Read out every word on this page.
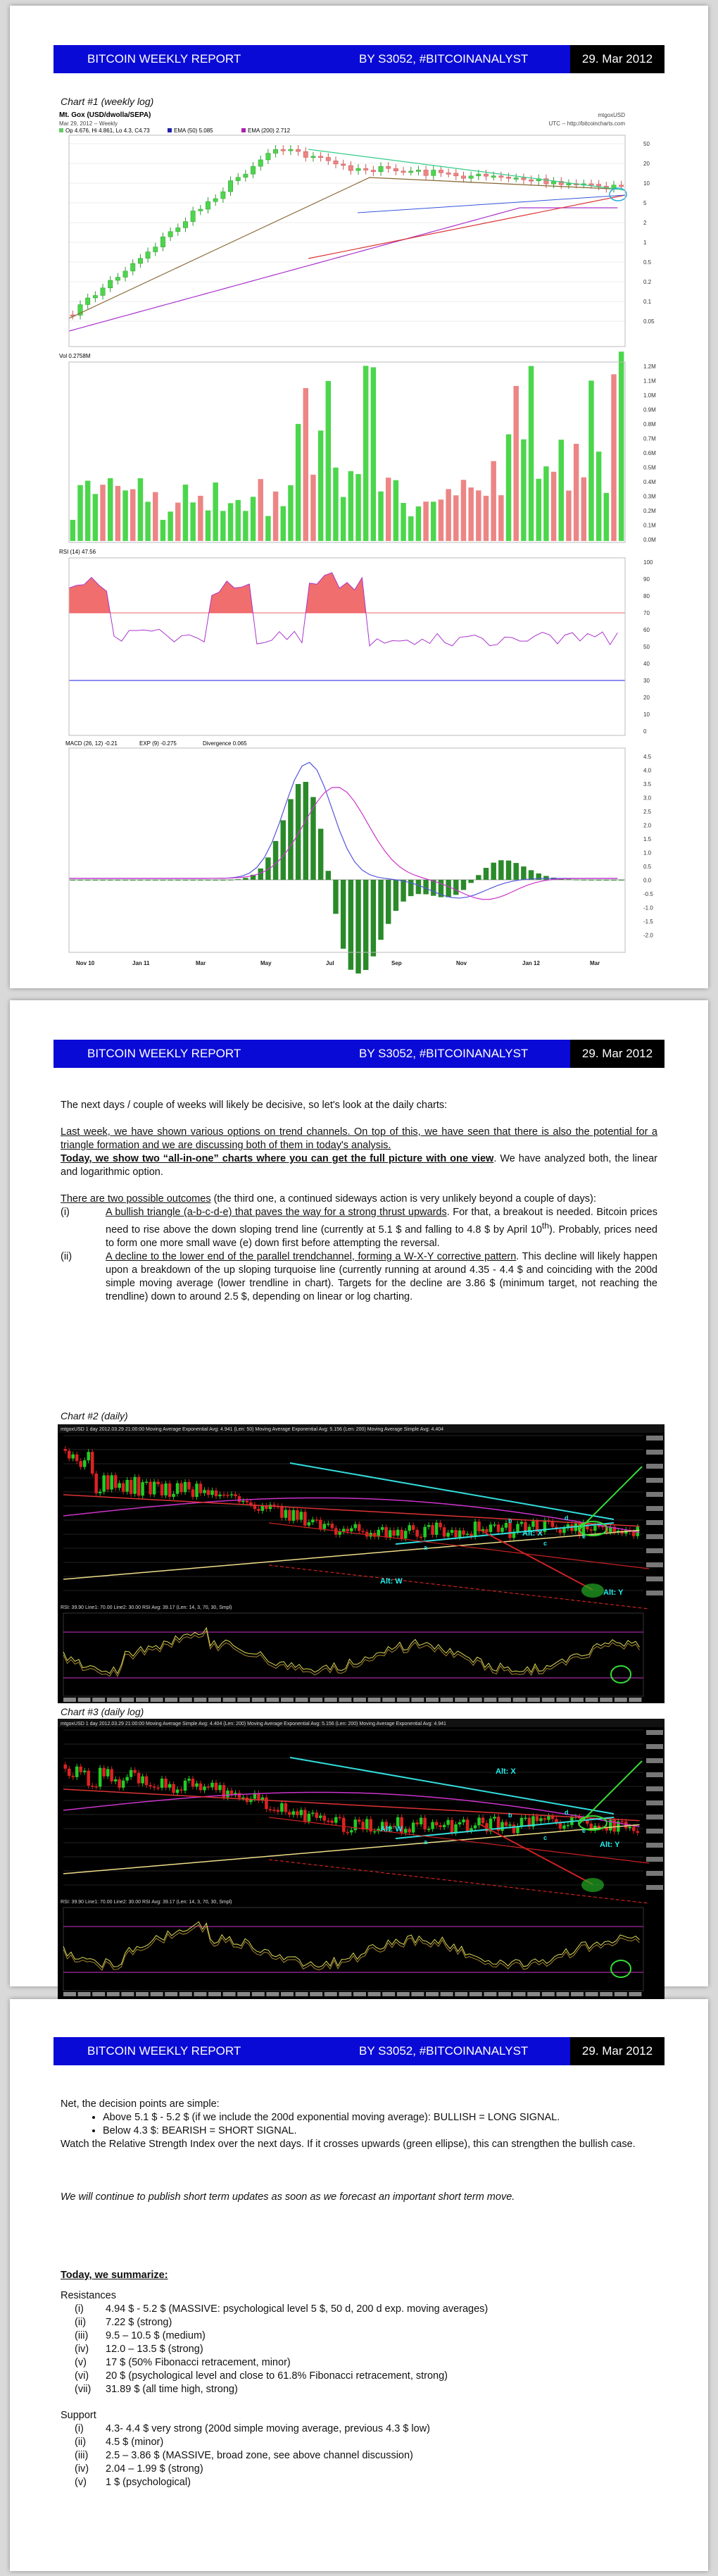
BITCOIN WEEKLY REPORT	BY S3052, #BITCOINANALYST	29. Mar 2012
Chart #1 (weekly log)
Mt. Gox (USD/dwolla/SEPA)
Mar 29, 2012 -- Weekly
mtgoxUSD
UTC -- http://bitcoincharts.com
Op 4.676, Hi 4.861, Lo 4.3, C4.73	EMA (50) 5.085	EMA (200) 2.712
50
20
10
5
2
1
0.5
0.2
0.1
0.05
Vol 0.2758M
1.2M
1.1M
1.0M
0.9M
0.8M
0.7M
0.6M
0.5M
0.4M
0.3M
0.2M
0.1M
0.0M
RSI (14) 47.56
100
90
80
70
60
50
40
30
20
10
0
MACD (26, 12) -0.21	EXP (9) -0.275	Divergence 0.065
4.5
4.0
3.5
3.0
2.5
2.0
1.5
1.0
0.5
0.0
-0.5
-1.0
-1.5
-2.0
Nov 10	Jan 11	Mar	May	Jul	Sep	Nov	Jan 12	Mar
BITCOIN WEEKLY REPORT	BY S3052, #BITCOINANALYST	29. Mar 2012

The next days / couple of weeks will likely be decisive, so let's look at the daily charts:

Last week, we have shown various options on trend channels. On top of this, we have seen that there is also the potential for a triangle formation and we are discussing both of them in today's analysis.
Today, we show two “all-in-one” charts where you can get the full picture with one view. We have analyzed both, the linear and logarithmic option.

There are two possible outcomes (the third one, a continued sideways action is very unlikely beyond a couple of days):

(i)	A bullish triangle (a-b-c-d-e) that paves the way for a strong thrust upwards. For that, a breakout is needed. Bitcoin prices need to rise above the down sloping trend line (currently at 5.1 $ and falling to 4.8 $ by April 10th). Probably, prices need to form one more small wave (e) down first before attempting the reversal.
(ii)	A decline to the lower end of the parallel trendchannel, forming a W-X-Y corrective pattern. This decline will likely happen upon a breakdown of the up sloping turquoise line (currently running at around 4.35 - 4.4 $ and coinciding with the 200d simple moving average (lower trendline in chart). Targets for the decline are 3.86 $ (minimum target, not reaching the trendline) down to around 2.5 $, depending on linear or log charting.
Chart #2 (daily)
mtgoxUSD 1 day 2012.03.29 21:00:00 Moving Average Exponential Avg: 4.941 (Len: 50) Moving Average Exponential Avg: 5.156 (Len: 200) Moving Average Simple Avg: 4.404
a
b
c
d
e
RSI: 39.90 Line1: 70.00 Line2: 30.00 RSI Avg: 39.17 (Len: 14, 3, 70, 30, Smpl)
Alt: X
Alt: W
Alt: Y
Chart #3 (daily log)
mtgoxUSD 1 day 2012.03.29 21:00:00 Moving Average Simple Avg: 4.404 (Len: 200) Moving Average Exponential Avg: 5.156 (Len: 200) Moving Average Exponential Avg: 4.941
a
b
c
d
e
RSI: 39.90 Line1: 70.00 Line2: 30.00 RSI Avg: 39.17 (Len: 14, 3, 70, 30, Smpl)
Alt: X
Alt: W
Alt: Y
BITCOIN WEEKLY REPORT	BY S3052, #BITCOINANALYST	29. Mar 2012

Net, the decision points are simple:

• Above 5.1 $ - 5.2 $ (if we include the 200d exponential moving average): BULLISH = LONG SIGNAL.
• Below 4.3 $: BEARISH = SHORT SIGNAL.

Watch the Relative Strength Index over the next days. If it crosses upwards (green ellipse), this can strengthen the bullish case.

We will continue to publish short term updates as soon as we forecast an important short term move.

Today, we summarize:

Resistances

(i)	4.94 $ - 5.2 $ (MASSIVE: psychological level 5 $, 50 d, 200 d exp. moving averages)
(ii)	7.22 $ (strong)
(iii)	9.5 – 10.5 $ (medium)
(iv)	12.0 – 13.5 $ (strong)
(v)	17 $ (50% Fibonacci retracement, minor)
(vi)	20 $ (psychological level and close to 61.8% Fibonacci retracement, strong)
(vii)	31.89 $ (all time high, strong)

Support

(i)	4.3- 4.4 $ very strong (200d simple moving average, previous 4.3 $ low)
(ii)	4.5 $ (minor)
(iii)	2.5 – 3.86 $ (MASSIVE, broad zone, see above channel discussion)
(iv)	2.04 – 1.99 $ (strong)
(v)	1 $ (psychological)
